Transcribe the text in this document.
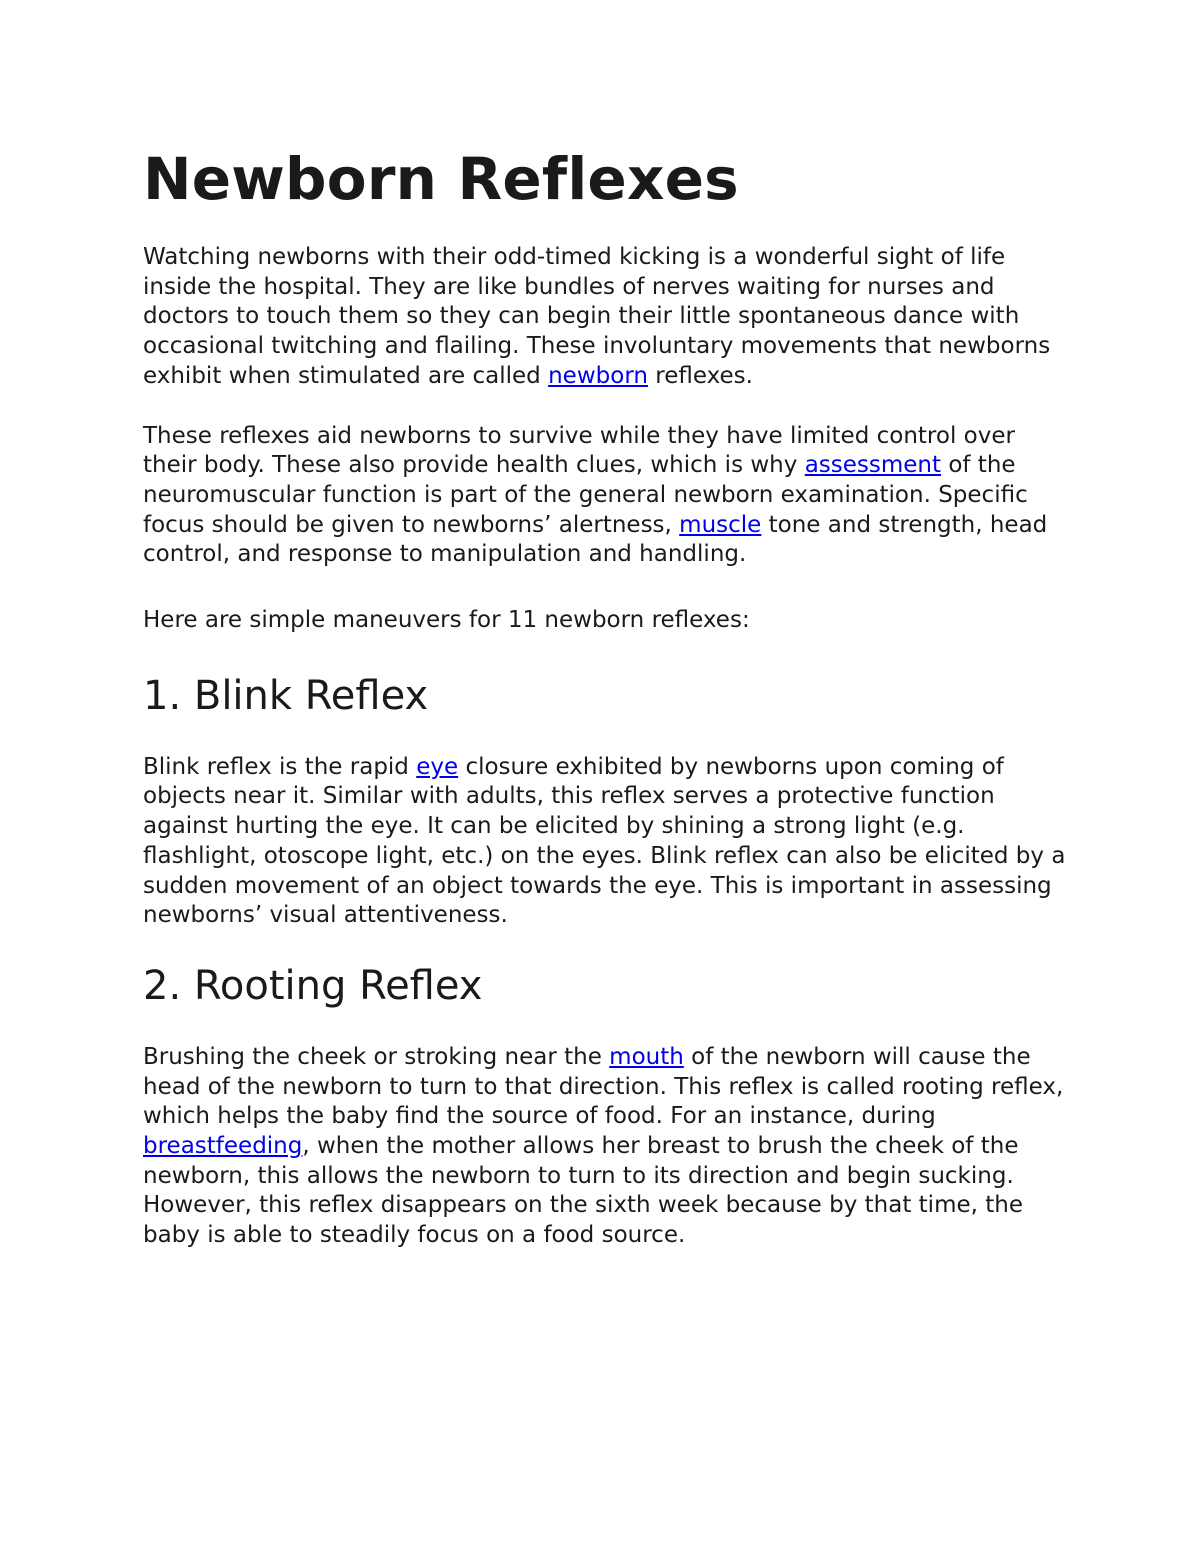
Newborn Reflexes

Watching newborns with their odd-timed kicking is a wonderful sight of life inside the hospital. They are like bundles of nerves waiting for nurses and doctors to touch them so they can begin their little spontaneous dance with occasional twitching and flailing. These involuntary movements that newborns exhibit when stimulated are called newborn reflexes.

These reflexes aid newborns to survive while they have limited control over their body. These also provide health clues, which is why assessment of the neuromuscular function is part of the general newborn examination. Specific focus should be given to newborns’ alertness, muscle tone and strength, head control, and response to manipulation and handling.

Here are simple maneuvers for 11 newborn reflexes:

1. Blink Reflex

Blink reflex is the rapid eye closure exhibited by newborns upon coming of objects near it. Similar with adults, this reflex serves a protective function against hurting the eye. It can be elicited by shining a strong light (e.g. flashlight, otoscope light, etc.) on the eyes. Blink reflex can also be elicited by a sudden movement of an object towards the eye. This is important in assessing newborns’ visual attentiveness.

2. Rooting Reflex

Brushing the cheek or stroking near the mouth of the newborn will cause the head of the newborn to turn to that direction. This reflex is called rooting reflex, which helps the baby find the source of food. For an instance, during breastfeeding, when the mother allows her breast to brush the cheek of the newborn, this allows the newborn to turn to its direction and begin sucking. However, this reflex disappears on the sixth week because by that time, the baby is able to steadily focus on a food source.
